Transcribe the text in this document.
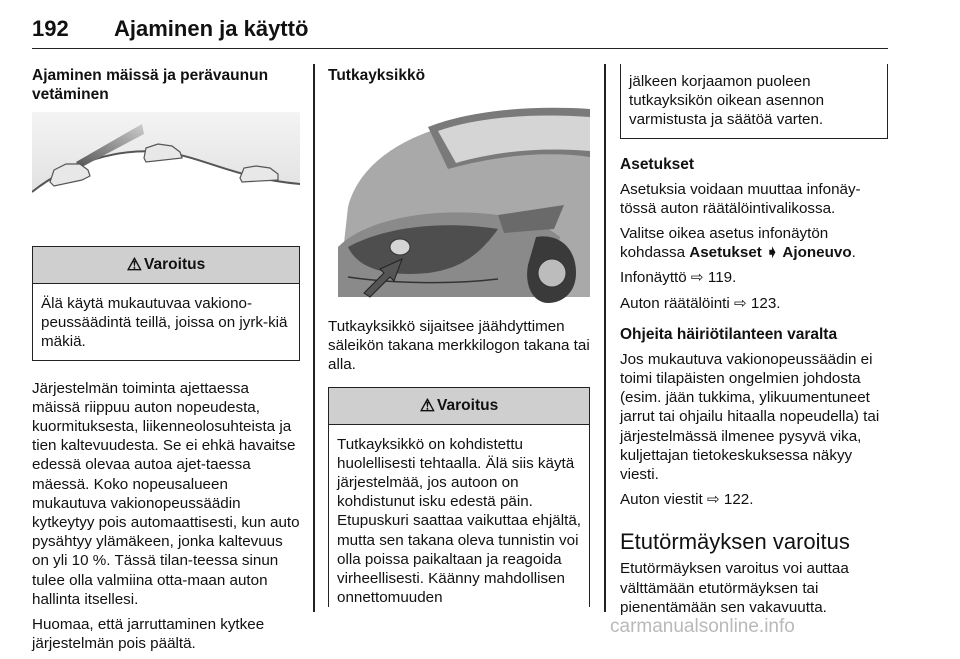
192 Ajaminen ja käyttö
Ajaminen mäissä ja perävaunun vetäminen
⚠ Varoitus
Älä käytä mukautuvaa vakiono-peussäädintä teillä, joissa on jyrk-kiä mäkiä.

Järjestelmän toiminta ajettaessa mäissä riippuu auton nopeudesta, kuormituksesta, liikenneolosuhteista ja tien kaltevuudesta. Se ei ehkä havaitse edessä olevaa autoa ajet-taessa mäessä. Koko nopeusalueen mukautuva vakionopeussäädin kytkeytyy pois automaattisesti, kun auto pysähtyy ylämäkeen, jonka kaltevuus on yli 10 %. Tässä tilan-teessa sinun tulee olla valmiina otta-maan auton hallinta itsellesi.

Huomaa, että jarruttaminen kytkee järjestelmän pois päältä.

Tutkayksikkö

Tutkayksikkö sijaitsee jäähdyttimen säleikön takana merkkilogon takana tai alla.

⚠ Varoitus
Tutkayksikkö on kohdistettu huolellisesti tehtaalla. Älä siis käytä järjestelmää, jos autoon on kohdistunut isku edestä päin. Etupuskuri saattaa vaikuttaa ehjältä, mutta sen takana oleva tunnistin voi olla poissa paikaltaan ja reagoida virheellisesti. Käänny mahdollisen onnettomuuden
jälkeen korjaamon puoleen tutkayksikön oikean asennon varmistusta ja säätöä varten.
Asetukset

Asetuksia voidaan muuttaa infonäy-tössä auton räätälöintivalikossa.

Valitse oikea asetus infonäytön kohdassa Asetukset ➧ Ajoneuvo.

Infonäyttö ⇨ 119.

Auton räätälöinti ⇨ 123.

Ohjeita häiriötilanteen varalta

Jos mukautuva vakionopeussäädin ei toimi tilapäisten ongelmien johdosta (esim. jään tukkima, ylikuumentuneet jarrut tai ohjailu hitaalla nopeudella) tai järjestelmässä ilmenee pysyvä vika, kuljettajan tietokeskuksessa näkyy viesti.

Auton viestit ⇨ 122.

Etutörmäyksen varoitus

Etutörmäyksen varoitus voi auttaa välttämään etutörmäyksen tai pienentämään sen vakavuutta.

carmanualsonline.info
